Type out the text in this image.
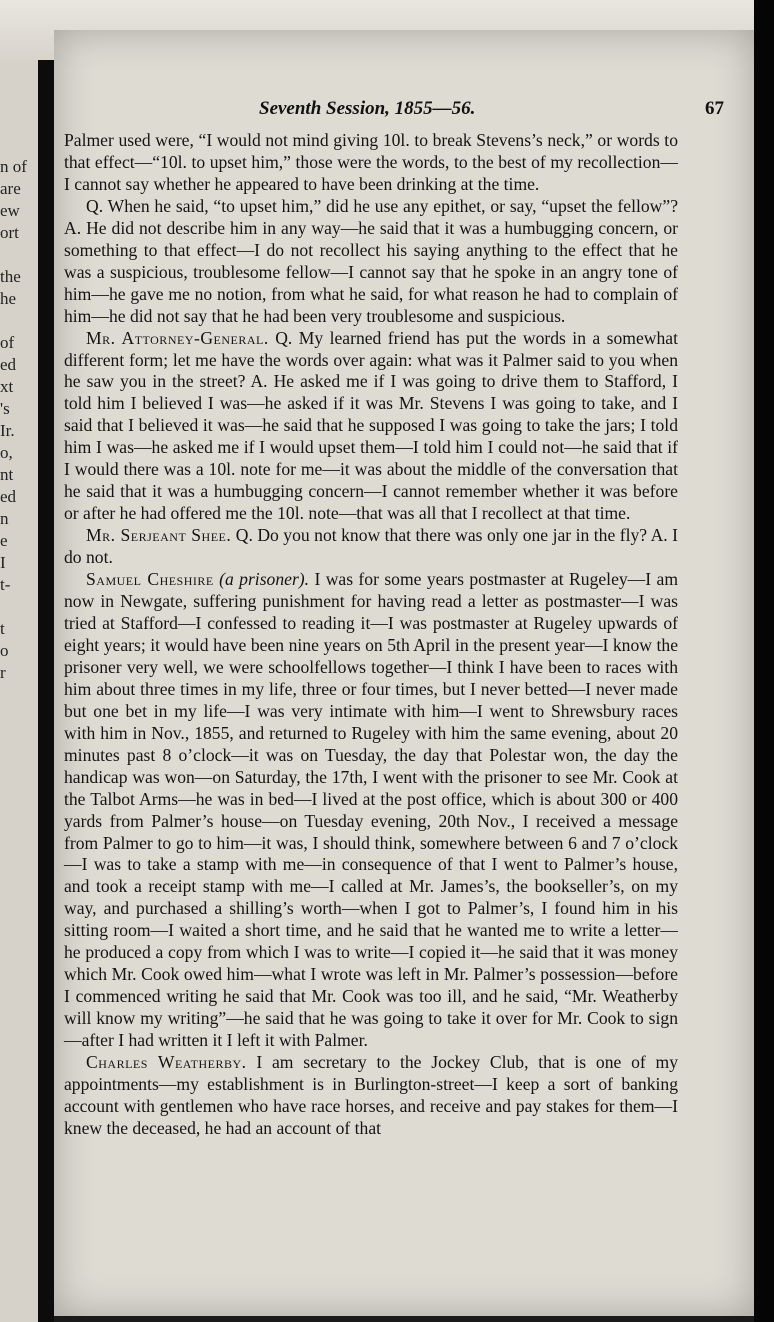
n of
are
ew
ort

the
he

of
ed
xt
's
Ir.
o,
nt
ed
n
e
I
t-

t
o
r
Seventh Session, 1855—56.	67

Palmer used were, “I would not mind giving 10l. to break Stevens’s neck,” or words to that effect—“10l. to upset him,” those were the words, to the best of my recollection—I cannot say whether he appeared to have been drinking at the time.

Q. When he said, “to upset him,” did he use any epithet, or say, “upset the fellow”? A. He did not describe him in any way—he said that it was a humbugging concern, or something to that effect—I do not recollect his saying anything to the effect that he was a suspicious, troublesome fellow—I cannot say that he spoke in an angry tone of him—he gave me no notion, from what he said, for what reason he had to complain of him—he did not say that he had been very troublesome and suspicious.

Mr. Attorney-General. Q. My learned friend has put the words in a somewhat different form; let me have the words over again: what was it Palmer said to you when he saw you in the street? A. He asked me if I was going to drive them to Stafford, I told him I believed I was—he asked if it was Mr. Stevens I was going to take, and I said that I believed it was—he said that he supposed I was going to take the jars; I told him I was—he asked me if I would upset them—I told him I could not—he said that if I would there was a 10l. note for me—it was about the middle of the conversation that he said that it was a humbugging concern—I cannot remember whether it was before or after he had offered me the 10l. note—that was all that I recollect at that time.

Mr. Serjeant Shee. Q. Do you not know that there was only one jar in the fly? A. I do not.

Samuel Cheshire (a prisoner). I was for some years postmaster at Rugeley—I am now in Newgate, suffering punishment for having read a letter as postmaster—I was tried at Stafford—I confessed to reading it—I was postmaster at Rugeley upwards of eight years; it would have been nine years on 5th April in the present year—I know the prisoner very well, we were schoolfellows together—I think I have been to races with him about three times in my life, three or four times, but I never betted—I never made but one bet in my life—I was very intimate with him—I went to Shrewsbury races with him in Nov., 1855, and returned to Rugeley with him the same evening, about 20 minutes past 8 o’clock—it was on Tuesday, the day that Polestar won, the day the handicap was won—on Saturday, the 17th, I went with the prisoner to see Mr. Cook at the Talbot Arms—he was in bed—I lived at the post office, which is about 300 or 400 yards from Palmer’s house—on Tuesday evening, 20th Nov., I received a message from Palmer to go to him—it was, I should think, somewhere between 6 and 7 o’clock—I was to take a stamp with me—in consequence of that I went to Palmer’s house, and took a receipt stamp with me—I called at Mr. James’s, the bookseller’s, on my way, and purchased a shilling’s worth—when I got to Palmer’s, I found him in his sitting room—I waited a short time, and he said that he wanted me to write a letter—he produced a copy from which I was to write—I copied it—he said that it was money which Mr. Cook owed him—what I wrote was left in Mr. Palmer’s possession—before I commenced writing he said that Mr. Cook was too ill, and he said, “Mr. Weatherby will know my writing”—he said that he was going to take it over for Mr. Cook to sign—after I had written it I left it with Palmer.

Charles Weatherby. I am secretary to the Jockey Club, that is one of my appointments—my establishment is in Burlington-street—I keep a sort of banking account with gentlemen who have race horses, and receive and pay stakes for them—I knew the deceased, he had an account of that
